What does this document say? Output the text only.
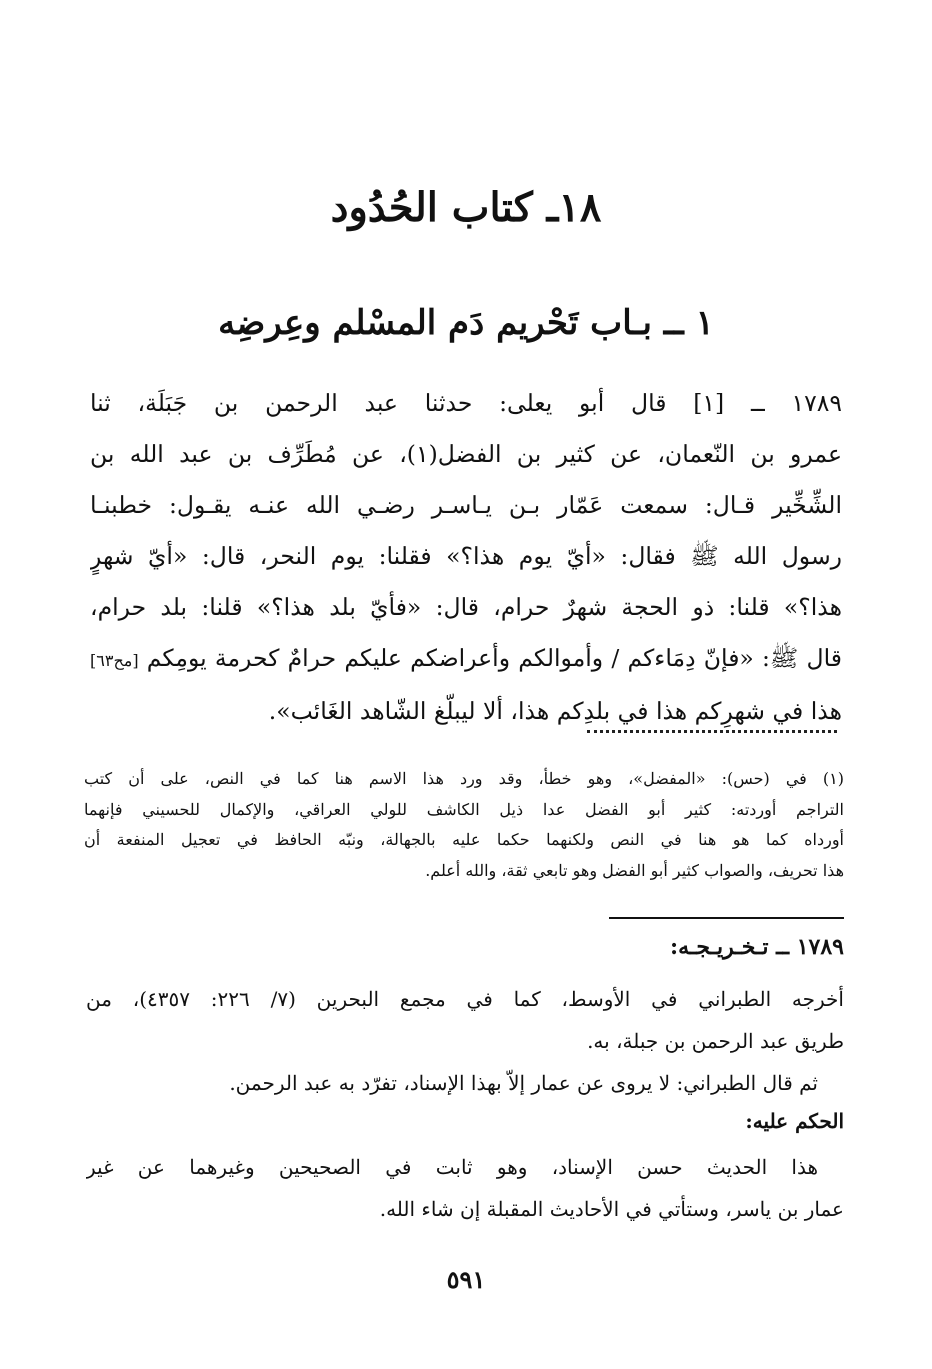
١٨ـ كتاب الحُدُود
١ ــ بـاب تَحْريم دَم المسْلم وعِرضِه

١٧٨٩ ــ [١] قال أبو يعلى: حدثنا عبد الرحمن بن جَبَلَة، ثنا
عمرو بن النّعمان، عن كثير بن الفضل(١)، عن مُطَرِّف بن عبد الله بن
الشِّخِّير قـال: سمعت عَمّار بـن يـاسـر رضـي الله عنـه يقـول: خطبنـا
رسول الله ﷺ فقال: «أيّ يوم هذا؟» فقلنا: يوم النحر، قال: «أيّ شهرٍ
هذا؟» قلنا: ذو الحجة شهرٌ حرام، قال: «فأيّ بلد هذا؟» قلنا: بلد حرام،
قال ﷺ: «فإنّ دِمَاءكم / وأموالكم وأعراضكم عليكم حرامٌ كحرمة يومِكم [مح٦٣]
هذا في شهرِكم هذا في بلدِكم هذا، ألا ليبلّغ الشّاهد الغَائب».

(١) في (حس): «المفضل»، وهو خطأ، وقد ورد هذا الاسم هنا كما في النص، على أن كتب
التراجم أوردته: كثير أبو الفضل عدا ذيل الكاشف للولي العراقي، والإكمال للحسيني فإنهما
أورداه كما هو هنا في النص ولكنهما حكما عليه بالجهالة، ونبّه الحافظ في تعجيل المنفعة أن
هذا تحريف، والصواب كثير أبو الفضل وهو تابعي ثقة، والله أعلم.

١٧٨٩ ــ تـخـريـجـه:

أخرجه الطبراني في الأوسط، كما في مجمع البحرين (٧/ ٢٢٦: ٤٣٥٧)، من
طريق عبد الرحمن بن جبلة، به.
ثم قال الطبراني: لا يروى عن عمار إلاّ بهذا الإسناد، تفرّد به عبد الرحمن.

الحكم عليه:

هذا الحديث حسن الإسناد، وهو ثابت في الصحيحين وغيرهما عن غير
عمار بن ياسر، وستأتي في الأحاديث المقبلة إن شاء الله.

٥٩١
